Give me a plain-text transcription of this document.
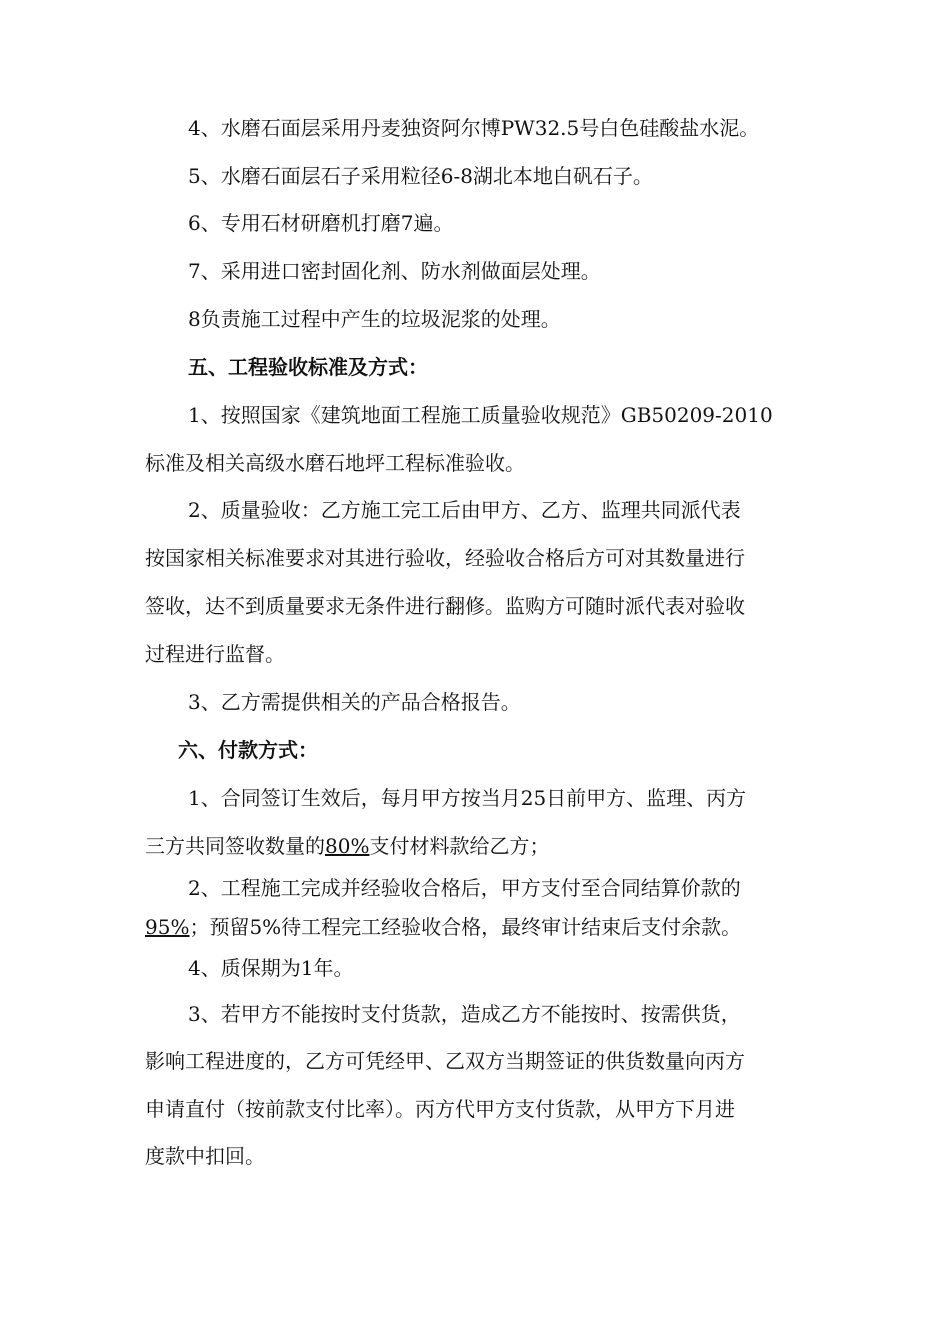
4、水磨石面层采用丹麦独资阿尔博PW32.5号白色硅酸盐水泥。
5、水磨石面层石子采用粒径6-8湖北本地白矾石子。
6、专用石材研磨机打磨7遍。
7、采用进口密封固化剂、防水剂做面层处理。
8负责施工过程中产生的垃圾泥浆的处理。
五、工程验收标准及方式：
1、按照国家《建筑地面工程施工质量验收规范》GB50209-2010
标准及相关高级水磨石地坪工程标准验收。
2、质量验收：乙方施工完工后由甲方、乙方、监理共同派代表
按国家相关标准要求对其进行验收，经验收合格后方可对其数量进行
签收，达不到质量要求无条件进行翻修。监购方可随时派代表对验收
过程进行监督。
3、乙方需提供相关的产品合格报告。
六、付款方式：
1、合同签订生效后，每月甲方按当月25日前甲方、监理、丙方
三方共同签收数量的80%支付材料款给乙方；
2、工程施工完成并经验收合格后，甲方支付至合同结算价款的
95%；预留5%待工程完工经验收合格，最终审计结束后支付余款。
4、质保期为1年。
3、若甲方不能按时支付货款，造成乙方不能按时、按需供货，
影响工程进度的，乙方可凭经甲、乙双方当期签证的供货数量向丙方
申请直付（按前款支付比率）。丙方代甲方支付货款，从甲方下月进
度款中扣回。
